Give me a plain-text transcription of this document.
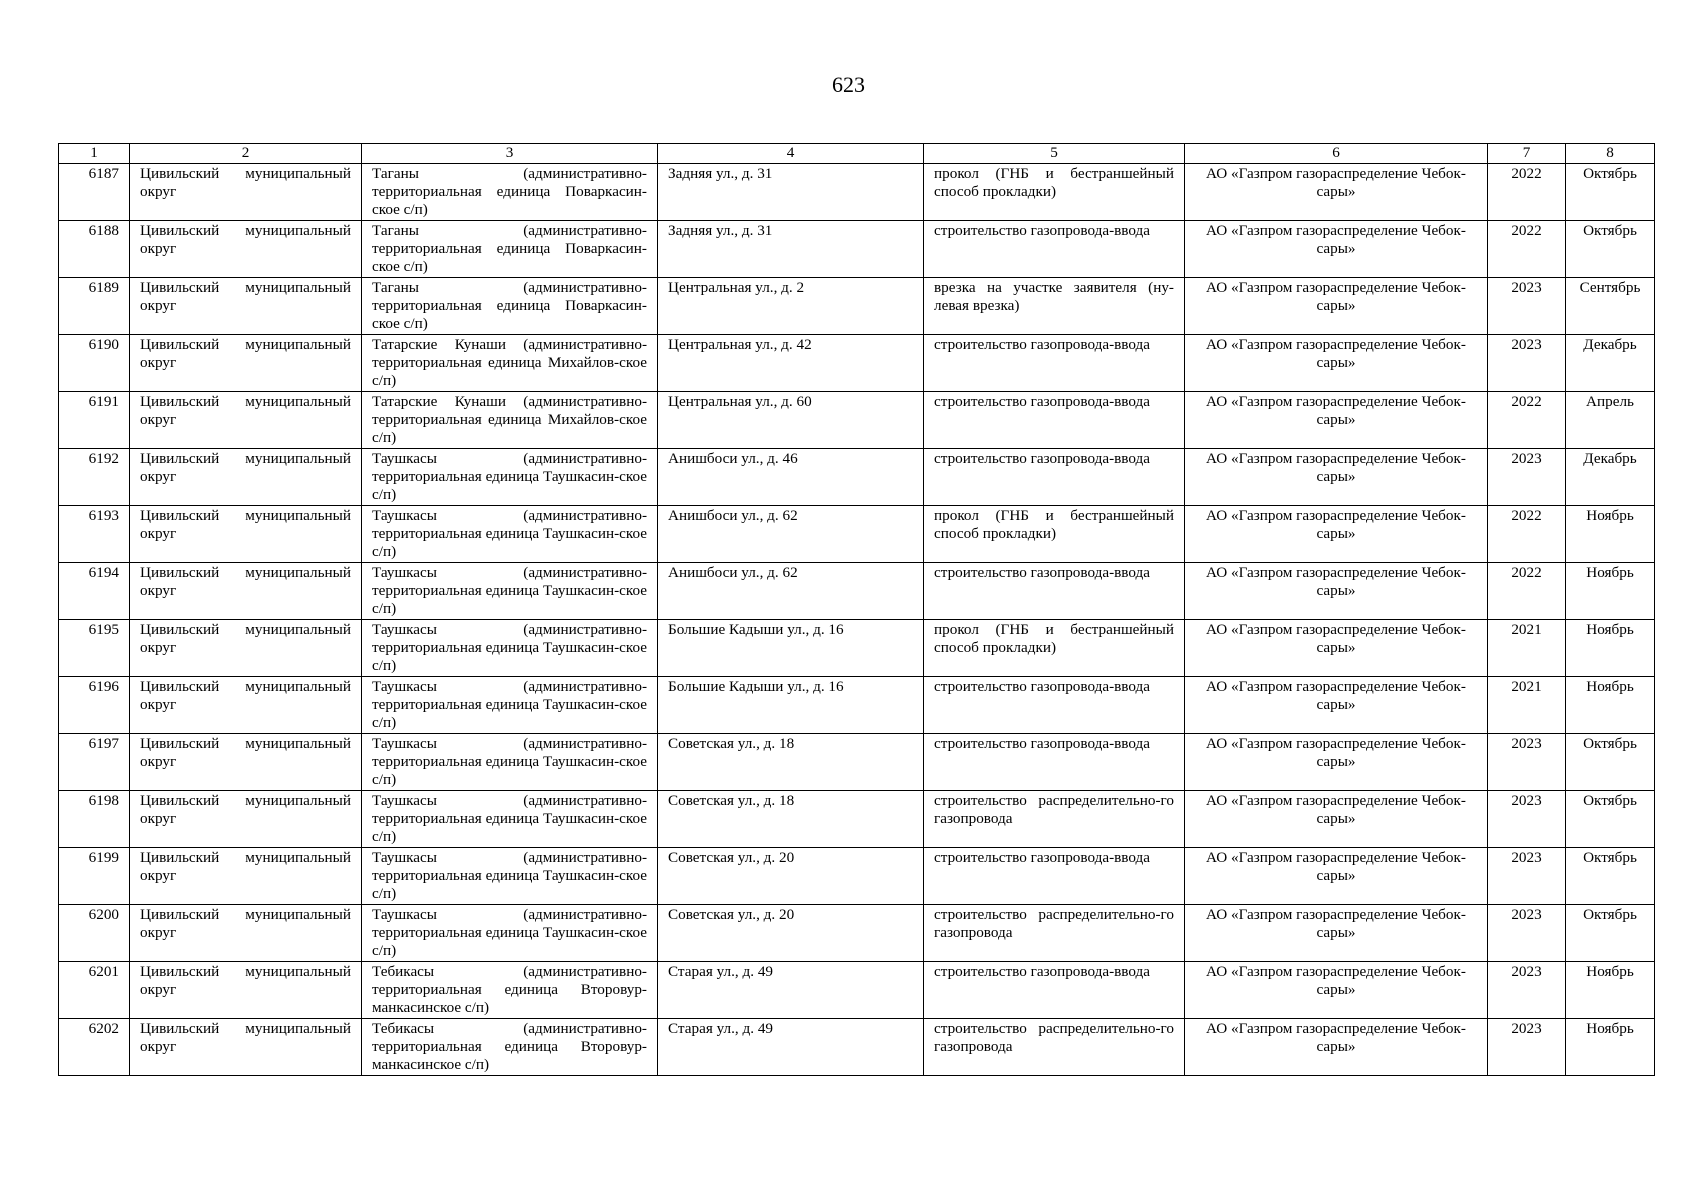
623
1	2	3	4	5	6	7	8
6187	Цивильский муниципальный округ	Таганы (административно-территориальная единица Поваркасин-ское с/п)	Задняя ул., д. 31	прокол (ГНБ и бестраншейный способ прокладки)	АО «Газпром газораспределение Чебок-сары»	2022	Октябрь
6188	Цивильский муниципальный округ	Таганы (административно-территориальная единица Поваркасин-ское с/п)	Задняя ул., д. 31	строительство газопровода-ввода	АО «Газпром газораспределение Чебок-сары»	2022	Октябрь
6189	Цивильский муниципальный округ	Таганы (административно-территориальная единица Поваркасин-ское с/п)	Центральная ул., д. 2	врезка на участке заявителя (ну-левая врезка)	АО «Газпром газораспределение Чебок-сары»	2023	Сентябрь
6190	Цивильский муниципальный округ	Татарские Кунаши (административно-территориальная единица Михайлов-ское с/п)	Центральная ул., д. 42	строительство газопровода-ввода	АО «Газпром газораспределение Чебок-сары»	2023	Декабрь
6191	Цивильский муниципальный округ	Татарские Кунаши (административно-территориальная единица Михайлов-ское с/п)	Центральная ул., д. 60	строительство газопровода-ввода	АО «Газпром газораспределение Чебок-сары»	2022	Апрель
6192	Цивильский муниципальный округ	Таушкасы (административно-территориальная единица Таушкасин-ское с/п)	Анишбоси ул., д. 46	строительство газопровода-ввода	АО «Газпром газораспределение Чебок-сары»	2023	Декабрь
6193	Цивильский муниципальный округ	Таушкасы (административно-территориальная единица Таушкасин-ское с/п)	Анишбоси ул., д. 62	прокол (ГНБ и бестраншейный способ прокладки)	АО «Газпром газораспределение Чебок-сары»	2022	Ноябрь
6194	Цивильский муниципальный округ	Таушкасы (административно-территориальная единица Таушкасин-ское с/п)	Анишбоси ул., д. 62	строительство газопровода-ввода	АО «Газпром газораспределение Чебок-сары»	2022	Ноябрь
6195	Цивильский муниципальный округ	Таушкасы (административно-территориальная единица Таушкасин-ское с/п)	Большие Кадыши ул., д. 16	прокол (ГНБ и бестраншейный способ прокладки)	АО «Газпром газораспределение Чебок-сары»	2021	Ноябрь
6196	Цивильский муниципальный округ	Таушкасы (административно-территориальная единица Таушкасин-ское с/п)	Большие Кадыши ул., д. 16	строительство газопровода-ввода	АО «Газпром газораспределение Чебок-сары»	2021	Ноябрь
6197	Цивильский муниципальный округ	Таушкасы (административно-территориальная единица Таушкасин-ское с/п)	Советская ул., д. 18	строительство газопровода-ввода	АО «Газпром газораспределение Чебок-сары»	2023	Октябрь
6198	Цивильский муниципальный округ	Таушкасы (административно-территориальная единица Таушкасин-ское с/п)	Советская ул., д. 18	строительство распределительно-го газопровода	АО «Газпром газораспределение Чебок-сары»	2023	Октябрь
6199	Цивильский муниципальный округ	Таушкасы (административно-территориальная единица Таушкасин-ское с/п)	Советская ул., д. 20	строительство газопровода-ввода	АО «Газпром газораспределение Чебок-сары»	2023	Октябрь
6200	Цивильский муниципальный округ	Таушкасы (административно-территориальная единица Таушкасин-ское с/п)	Советская ул., д. 20	строительство распределительно-го газопровода	АО «Газпром газораспределение Чебок-сары»	2023	Октябрь
6201	Цивильский муниципальный округ	Тебикасы (административно-территориальная единица Второвур-манкасинское с/п)	Старая ул., д. 49	строительство газопровода-ввода	АО «Газпром газораспределение Чебок-сары»	2023	Ноябрь
6202	Цивильский муниципальный округ	Тебикасы (административно-территориальная единица Второвур-манкасинское с/п)	Старая ул., д. 49	строительство распределительно-го газопровода	АО «Газпром газораспределение Чебок-сары»	2023	Ноябрь
